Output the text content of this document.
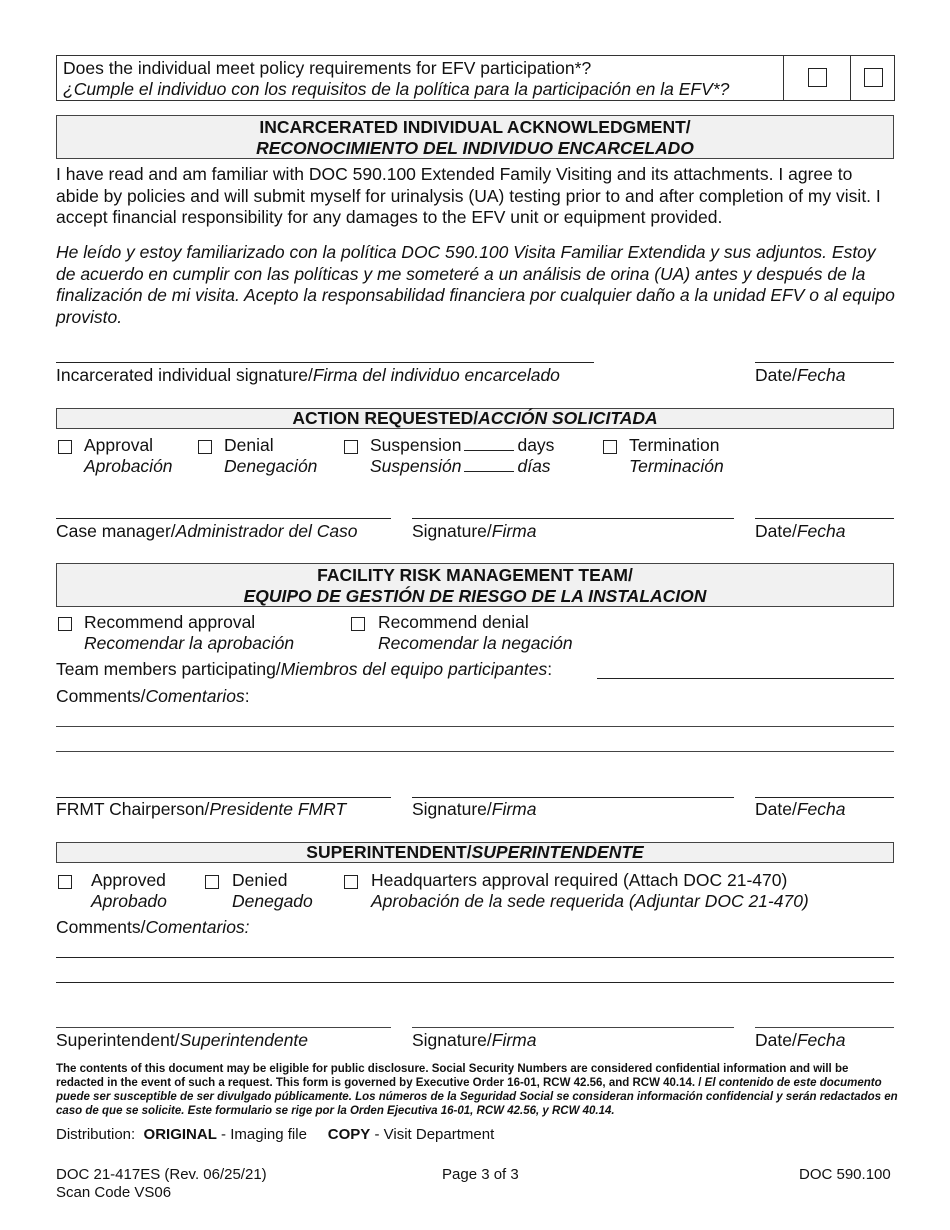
Does the individual meet policy requirements for EFV participation*?
¿Cumple el individuo con los requisitos de la política para la participación en la EFV*?
INCARCERATED INDIVIDUAL ACKNOWLEDGMENT/
RECONOCIMIENTO DEL INDIVIDUO ENCARCELADO
I have read and am familiar with DOC 590.100 Extended Family Visiting and its attachments. I agree to abide by policies and will submit myself for urinalysis (UA) testing prior to and after completion of my visit. I accept financial responsibility for any damages to the EFV unit or equipment provided.
He leído y estoy familiarizado con la política DOC 590.100 Visita Familiar Extendida y sus adjuntos. Estoy de acuerdo en cumplir con las políticas y me someteré a un análisis de orina (UA) antes y después de la finalización de mi visita. Acepto la responsabilidad financiera por cualquier daño a la unidad EFV o al equipo provisto.
Incarcerated individual signature/Firma del individuo encarcelado	Date/Fecha
ACTION REQUESTED/ACCIÓN SOLICITADA
Approval
Aprobación
Denial
Denegación
Suspension	days
Suspensión	días
Termination
Terminación
Case manager/Administrador del Caso	Signature/Firma	Date/Fecha
FACILITY RISK MANAGEMENT TEAM/
EQUIPO DE GESTIÓN DE RIESGO DE LA INSTALACION
Recommend approval
Recomendar la aprobación
Recommend denial
Recomendar la negación
Team members participating/Miembros del equipo participantes:
Comments/Comentarios:
FRMT Chairperson/Presidente FMRT	Signature/Firma	Date/Fecha
SUPERINTENDENT/SUPERINTENDENTE
Approved
Aprobado
Denied
Denegado
Headquarters approval required (Attach DOC 21-470)
Aprobación de la sede requerida (Adjuntar DOC 21-470)
Comments/Comentarios:
Superintendent/Superintendente	Signature/Firma	Date/Fecha
The contents of this document may be eligible for public disclosure. Social Security Numbers are considered confidential information and will be redacted in the event of such a request. This form is governed by Executive Order 16-01, RCW 42.56, and RCW 40.14. / El contenido de este documento puede ser susceptible de ser divulgado públicamente. Los números de la Seguridad Social se consideran información confidencial y serán redactados en caso de que se solicite. Este formulario se rige por la Orden Ejecutiva 16-01, RCW 42.56, y RCW 40.14.
Distribution: ORIGINAL - Imaging file COPY - Visit Department
DOC 21-417ES (Rev. 06/25/21)
Scan Code VS06
Page 3 of 3	DOC 590.100
